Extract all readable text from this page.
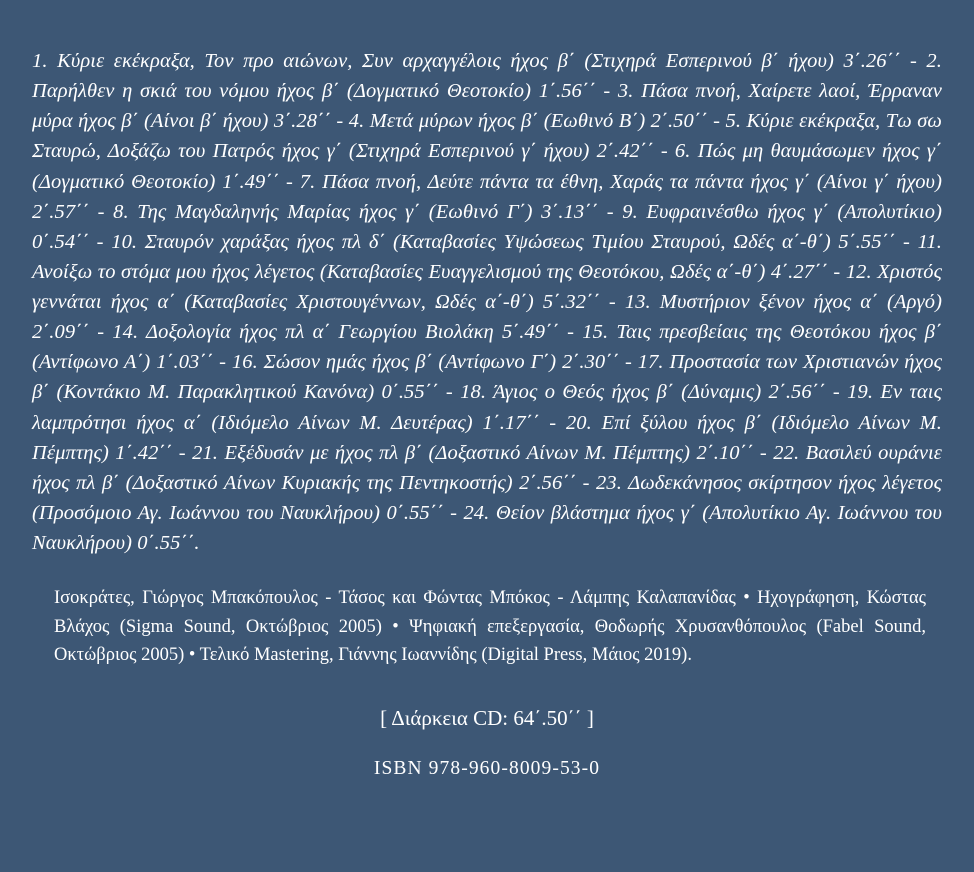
1. Κύριε εκέκραξα, Τον προ αιώνων, Συν αρχαγγέλοις ήχος β΄ (Στιχηρά Εσπερινού β΄ ήχου) 3΄.26΄΄ - 2. Παρήλθεν η σκιά του νόμου ήχος β΄ (Δογματικό Θεοτοκίο) 1΄.56΄΄ - 3. Πάσα πνοή, Χαίρετε λαοί, Έρραναν μύρα ήχος β΄ (Αίνοι β΄ ήχου) 3΄.28΄΄ - 4. Μετά μύρων ήχος β΄ (Εωθινό Β΄) 2΄.50΄΄ - 5. Κύριε εκέκραξα, Τω σω Σταυρώ, Δοξάζω του Πατρός ήχος γ΄ (Στιχηρά Εσπερινού γ΄ ήχου) 2΄.42΄΄ - 6. Πώς μη θαυμάσωμεν ήχος γ΄ (Δογματικό Θεοτοκίο) 1΄.49΄΄ - 7. Πάσα πνοή, Δεύτε πάντα τα έθνη, Χαράς τα πάντα ήχος γ΄ (Αίνοι γ΄ ήχου) 2΄.57΄΄ - 8. Της Μαγδαληνής Μαρίας ήχος γ΄ (Εωθινό Γ΄) 3΄.13΄΄ - 9. Ευφραινέσθω ήχος γ΄ (Απολυτίκιο) 0΄.54΄΄ - 10. Σταυρόν χαράξας ήχος πλ δ΄ (Καταβασίες Υψώσεως Τιμίου Σταυρού, Ωδές α΄-θ΄) 5΄.55΄΄ - 11. Ανοίξω το στόμα μου ήχος λέγετος (Καταβασίες Ευαγγελισμού της Θεοτόκου, Ωδές α΄-θ΄) 4΄.27΄΄ - 12. Χριστός γεννάται ήχος α΄ (Καταβασίες Χριστουγέννων, Ωδές α΄-θ΄) 5΄.32΄΄ - 13. Μυστήριον ξένον ήχος α΄ (Αργό) 2΄.09΄΄ - 14. Δοξολογία ήχος πλ α΄ Γεωργίου Βιολάκη 5΄.49΄΄ - 15. Ταις πρεσβείαις της Θεοτόκου ήχος β΄ (Αντίφωνο Α΄) 1΄.03΄΄ - 16. Σώσον ημάς ήχος β΄ (Αντίφωνο Γ΄) 2΄.30΄΄ - 17. Προστασία των Χριστιανών ήχος β΄ (Κοντάκιο Μ. Παρακλητικού Κανόνα) 0΄.55΄΄ - 18. Άγιος ο Θεός ήχος β΄ (Δύναμις) 2΄.56΄΄ - 19. Εν ταις λαμπρότησι ήχος α΄ (Ιδιόμελο Αίνων Μ. Δευτέρας) 1΄.17΄΄ - 20. Επί ξύλου ήχος β΄ (Ιδιόμελο Αίνων Μ. Πέμπτης) 1΄.42΄΄ - 21. Εξέδυσάν με ήχος πλ β΄ (Δοξαστικό Αίνων Μ. Πέμπτης) 2΄.10΄΄ - 22. Βασιλεύ ουράνιε ήχος πλ β΄ (Δοξαστικό Αίνων Κυριακής της Πεντηκοστής) 2΄.56΄΄ - 23. Δωδεκάνησος σκίρτησον ήχος λέγετος (Προσόμοιο Αγ. Ιωάννου του Ναυκλήρου) 0΄.55΄΄ - 24. Θείον βλάστημα ήχος γ΄ (Απολυτίκιο Αγ. Ιωάννου του Ναυκλήρου) 0΄.55΄΄.
Ισοκράτες, Γιώργος Μπακόπουλος - Τάσος και Φώντας Μπόκος - Λάμπης Καλαπανίδας • Ηχογράφηση, Κώστας Βλάχος (Sigma Sound, Οκτώβριος 2005) • Ψηφιακή επεξεργασία, Θοδωρής Χρυσανθόπουλος (Fabel Sound, Οκτώβριος 2005) • Τελικό Mastering, Γιάννης Ιωαννίδης (Digital Press, Μάιος 2019).
[ Διάρκεια CD: 64΄.50΄΄ ]
ISBN 978-960-8009-53-0
